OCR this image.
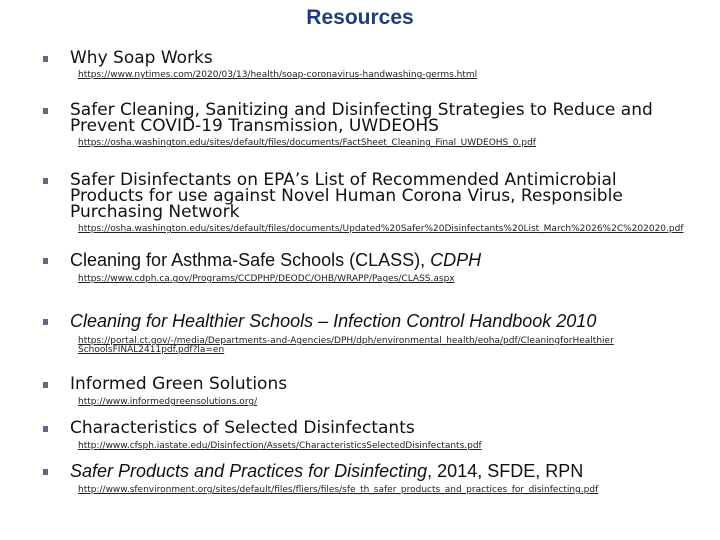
Resources
Why Soap Works
https://www.nytimes.com/2020/03/13/health/soap-coronavirus-handwashing-germs.html
Safer Cleaning, Sanitizing and Disinfecting Strategies to Reduce and Prevent COVID-19 Transmission, UWDEOHS
https://osha.washington.edu/sites/default/files/documents/FactSheet_Cleaning_Final_UWDEOHS_0.pdf
Safer Disinfectants on EPA’s List of Recommended Antimicrobial Products for use against Novel Human Corona Virus, Responsible Purchasing Network
https://osha.washington.edu/sites/default/files/documents/Updated%20Safer%20Disinfectants%20List_March%2026%2C%202020.pdf
Cleaning for Asthma-Safe Schools (CLASS), CDPH
https://www.cdph.ca.gov/Programs/CCDPHP/DEODC/OHB/WRAPP/Pages/CLASS.aspx
Cleaning for Healthier Schools – Infection Control Handbook 2010
https://portal.ct.gov/-/media/Departments-and-Agencies/DPH/dph/environmental_health/eoha/pdf/CleaningforHealthierSchoolsFINAL2411pdf.pdf?la=en
Informed Green Solutions
http://www.informedgreensolutions.org/
Characteristics of Selected Disinfectants
http://www.cfsph.iastate.edu/Disinfection/Assets/CharacteristicsSelectedDisinfectants.pdf
Safer Products and Practices for Disinfecting, 2014, SFDE, RPN
http://www.sfenvironment.org/sites/default/files/fliers/files/sfe_th_safer_products_and_practices_for_disinfecting.pdf
